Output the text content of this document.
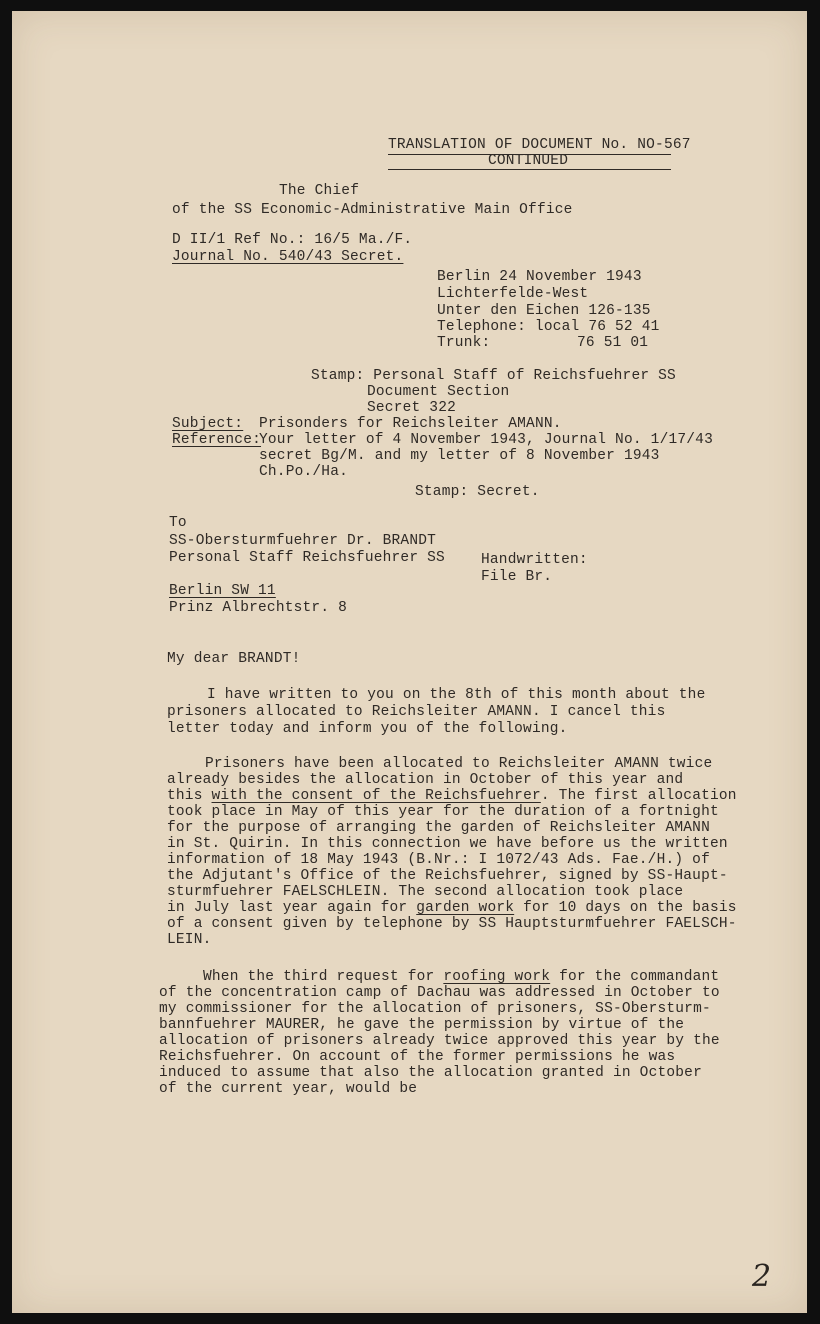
TRANSLATION OF DOCUMENT No. NO-567
CONTINUED
The Chief
of the SS Economic-Administrative Main Office
D II/1 Ref No.: 16/5 Ma./F.
Journal No. 540/43 Secret.
Berlin 24 November 1943
Lichterfelde-West
Unter den Eichen 126-135
Telephone: local 76 52 41
Trunk:	76 51 01
Stamp: Personal Staff of Reichsfuehrer SS
Document Section
Secret 322
Subject: Prisonders for Reichsleiter AMANN.
Reference:
Your letter of 4 November 1943, Journal No. 1/17/43
secret Bg/M. and my letter of 8 November 1943
Ch.Po./Ha.
Stamp: Secret.
To
SS-Obersturmfuehrer Dr. BRANDT
Personal Staff Reichsfuehrer SS Handwritten:
File Br.
Berlin SW 11
Prinz Albrechtstr. 8
My dear BRANDT!
I have written to you on the 8th of this month about the
prisoners allocated to Reichsleiter AMANN. I cancel this
letter today and inform you of the following.
Prisoners have been allocated to Reichsleiter AMANN twice
already besides the allocation in October of this year and
this with the consent of the Reichsfuehrer. The first allocation
took place in May of this year for the duration of a fortnight
for the purpose of arranging the garden of Reichsleiter AMANN
in St. Quirin. In this connection we have before us the written
information of 18 May 1943 (B.Nr.: I 1072/43 Ads. Fae./H.) of
the Adjutant's Office of the Reichsfuehrer, signed by SS-Haupt-
sturmfuehrer FAELSCHLEIN. The second allocation took place
in July last year again for garden work for 10 days on the basis
of a consent given by telephone by SS Hauptsturmfuehrer FAELSCH-
LEIN.
When the third request for roofing work for the commandant
of the concentration camp of Dachau was addressed in October to
my commissioner for the allocation of prisoners, SS-Obersturm-
bannfuehrer MAURER, he gave the permission by virtue of the
allocation of prisoners already twice approved this year by the
Reichsfuehrer. On account of the former permissions he was
induced to assume that also the allocation granted in October
of the current year, would be
2
